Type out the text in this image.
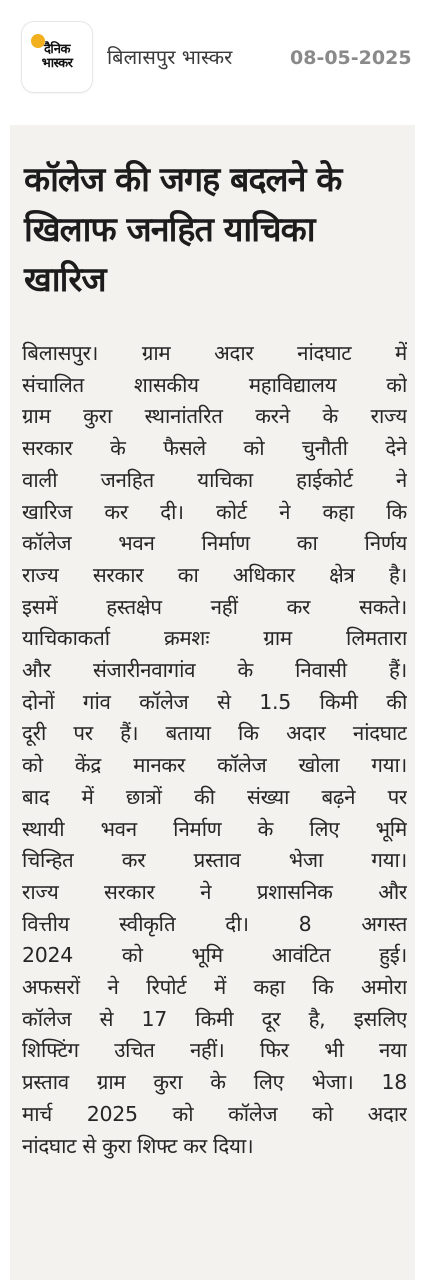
दैनिक
भास्कर बिलासपुर भास्कर	08-05-2025
कॉलेज की जगह बदलने के खिलाफ जनहित याचिका खारिज
बिलासपुर। ग्राम अदार नांदघाट में
संचालित शासकीय महाविद्यालय को
ग्राम कुरा स्थानांतरित करने के राज्य
सरकार के फैसले को चुनौती देने
वाली जनहित याचिका हाईकोर्ट ने
खारिज कर दी। कोर्ट ने कहा कि
कॉलेज भवन निर्माण का निर्णय
राज्य सरकार का अधिकार क्षेत्र है।
इसमें हस्तक्षेप नहीं कर सकते।
याचिकाकर्ता क्रमशः ग्राम लिमतारा
और संजारीनवागांव के निवासी हैं।
दोनों गांव कॉलेज से 1.5 किमी की
दूरी पर हैं। बताया कि अदार नांदघाट
को केंद्र मानकर कॉलेज खोला गया।
बाद में छात्रों की संख्या बढ़ने पर
स्थायी भवन निर्माण के लिए भूमि
चिन्हित कर प्रस्ताव भेजा गया।
राज्य सरकार ने प्रशासनिक और
वित्तीय स्वीकृति दी। 8 अगस्त
2024 को भूमि आवंटित हुई।
अफसरों ने रिपोर्ट में कहा कि अमोरा
कॉलेज से 17 किमी दूर है, इसलिए
शिफ्टिंग उचित नहीं। फिर भी नया
प्रस्ताव ग्राम कुरा के लिए भेजा। 18
मार्च 2025 को कॉलेज को अदार
नांदघाट से कुरा शिफ्ट कर दिया।
